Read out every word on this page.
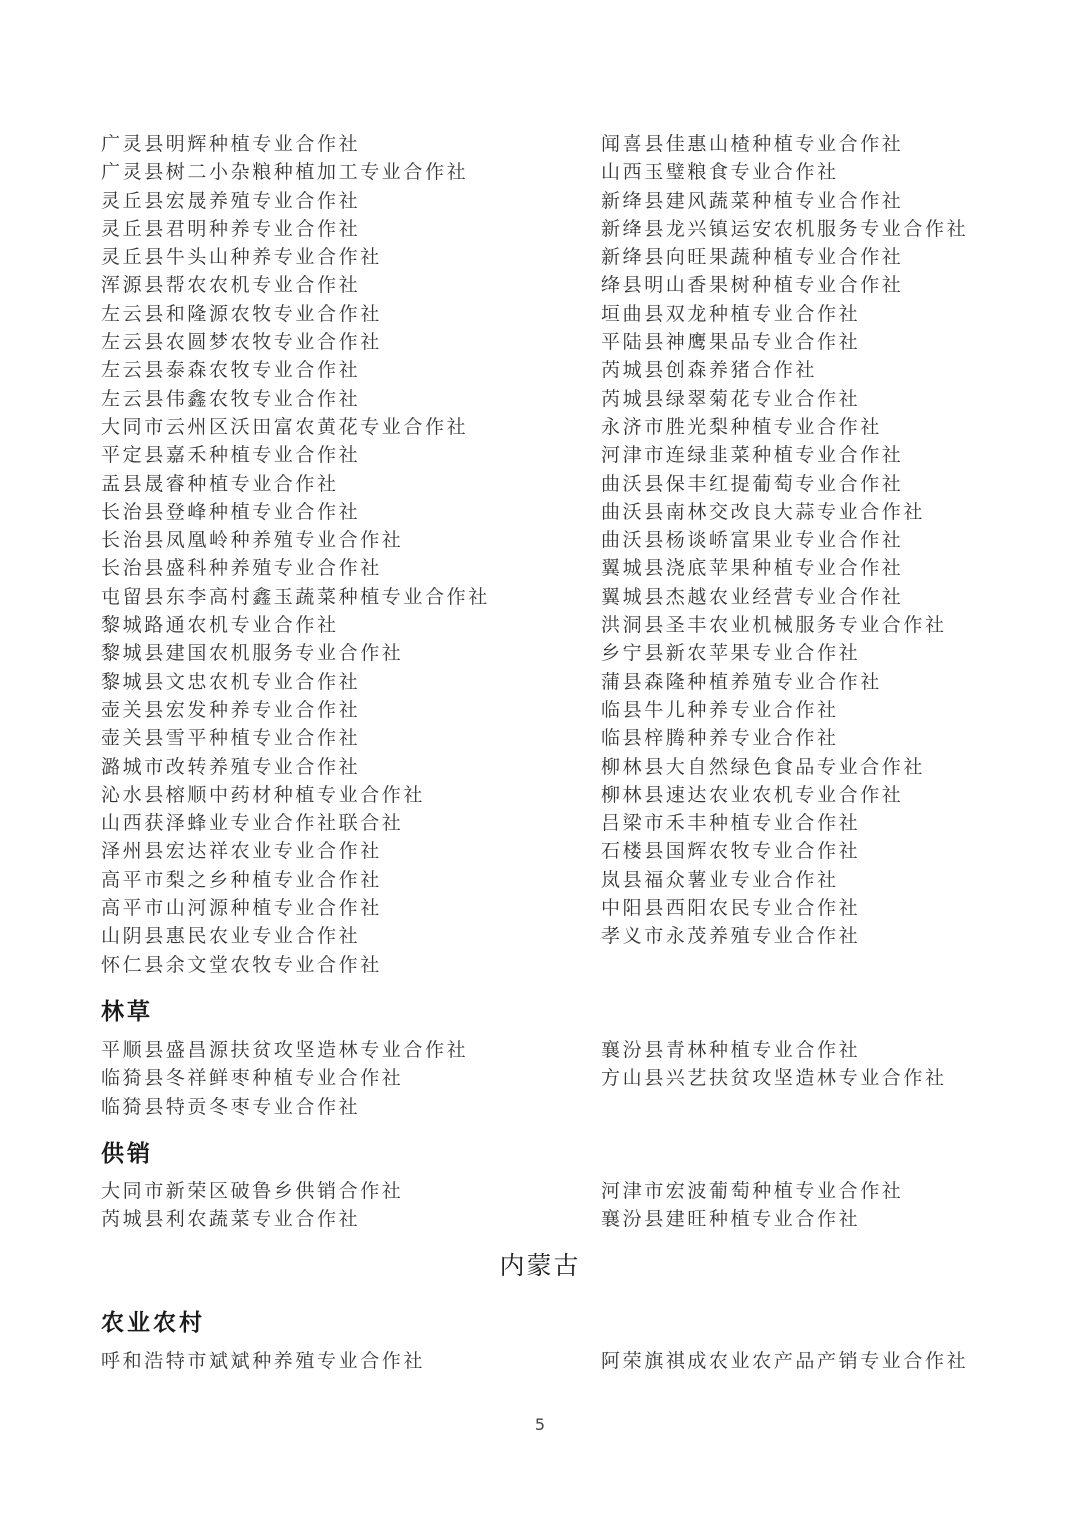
广灵县明辉种植专业合作社
广灵县树二小杂粮种植加工专业合作社
灵丘县宏晟养殖专业合作社
灵丘县君明种养专业合作社
灵丘县牛头山种养专业合作社
浑源县帮农农机专业合作社
左云县和隆源农牧专业合作社
左云县农圆梦农牧专业合作社
左云县泰森农牧专业合作社
左云县伟鑫农牧专业合作社
大同市云州区沃田富农黄花专业合作社
平定县嘉禾种植专业合作社
盂县晟睿种植专业合作社
长治县登峰种植专业合作社
长治县凤凰岭种养殖专业合作社
长治县盛科种养殖专业合作社
屯留县东李高村鑫玉蔬菜种植专业合作社
黎城路通农机专业合作社
黎城县建国农机服务专业合作社
黎城县文忠农机专业合作社
壶关县宏发种养专业合作社
壶关县雪平种植专业合作社
潞城市改转养殖专业合作社
沁水县榕顺中药材种植专业合作社
山西获泽蜂业专业合作社联合社
泽州县宏达祥农业专业合作社
高平市梨之乡种植专业合作社
高平市山河源种植专业合作社
山阴县惠民农业专业合作社
怀仁县余文堂农牧专业合作社
闻喜县佳惠山楂种植专业合作社
山西玉璧粮食专业合作社
新绛县建风蔬菜种植专业合作社
新绛县龙兴镇运安农机服务专业合作社
新绛县向旺果蔬种植专业合作社
绛县明山香果树种植专业合作社
垣曲县双龙种植专业合作社
平陆县神鹰果品专业合作社
芮城县创森养猪合作社
芮城县绿翠菊花专业合作社
永济市胜光梨种植专业合作社
河津市连绿韭菜种植专业合作社
曲沃县保丰红提葡萄专业合作社
曲沃县南林交改良大蒜专业合作社
曲沃县杨谈峤富果业专业合作社
翼城县浇底苹果种植专业合作社
翼城县杰越农业经营专业合作社
洪洞县圣丰农业机械服务专业合作社
乡宁县新农苹果专业合作社
蒲县森隆种植养殖专业合作社
临县牛儿种养专业合作社
临县梓腾种养专业合作社
柳林县大自然绿色食品专业合作社
柳林县速达农业农机专业合作社
吕梁市禾丰种植专业合作社
石楼县国辉农牧专业合作社
岚县福众薯业专业合作社
中阳县西阳农民专业合作社
孝义市永茂养殖专业合作社
林草
平顺县盛昌源扶贫攻坚造林专业合作社
临猗县冬祥鲜枣种植专业合作社
临猗县特贡冬枣专业合作社
襄汾县青林种植专业合作社
方山县兴艺扶贫攻坚造林专业合作社
供销
大同市新荣区破鲁乡供销合作社
芮城县利农蔬菜专业合作社
河津市宏波葡萄种植专业合作社
襄汾县建旺种植专业合作社
内蒙古
农业农村
呼和浩特市斌斌种养殖专业合作社	阿荣旗祺成农业农产品产销专业合作社
5
